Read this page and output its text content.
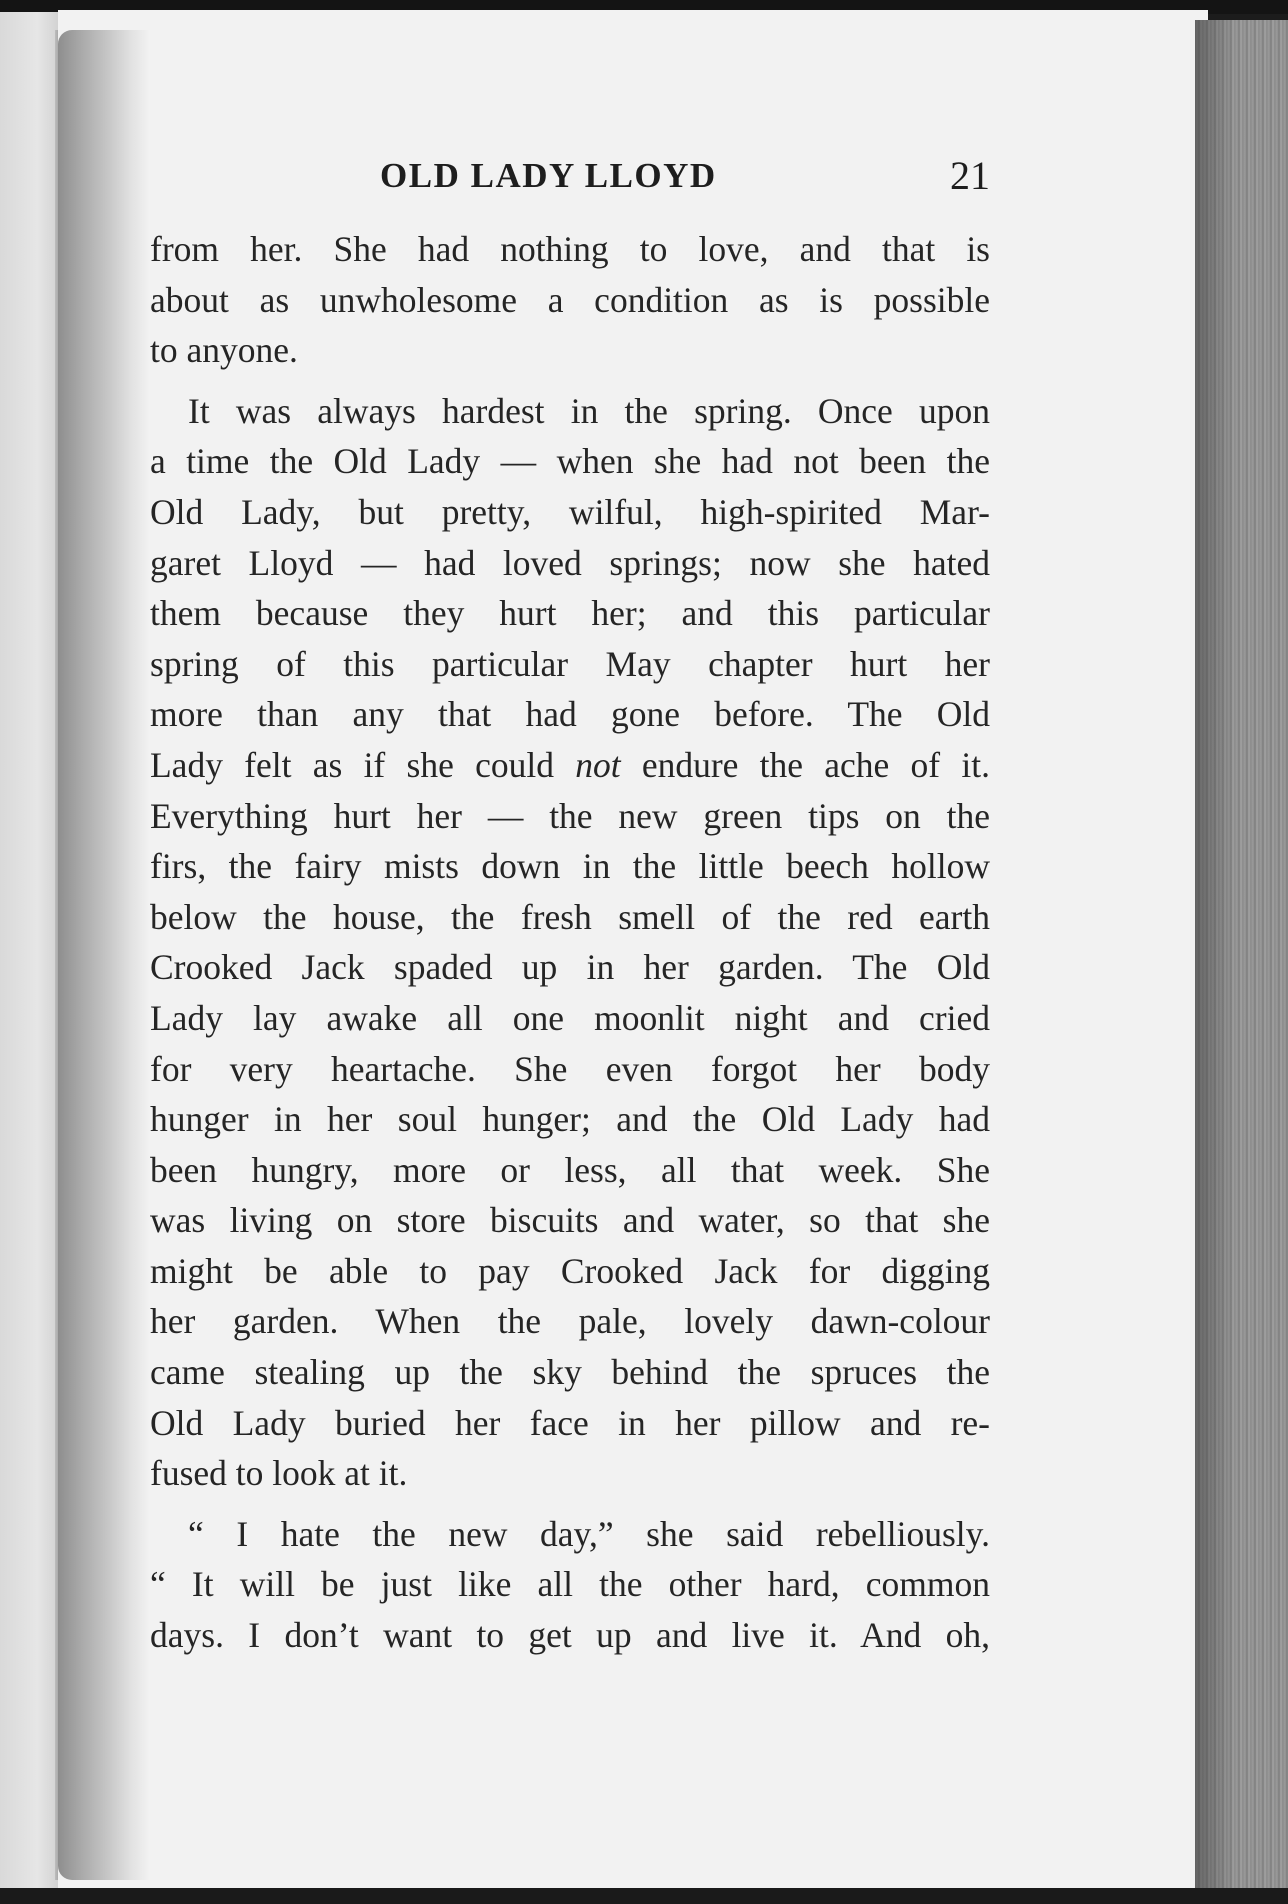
OLD LADY LLOYD	21

from her. She had nothing to love, and that is
about as unwholesome a condition as is possible
to anyone.

It was always hardest in the spring. Once upon
a time the Old Lady — when she had not been the
Old Lady, but pretty, wilful, high-spirited Mar-
garet Lloyd — had loved springs; now she hated
them because they hurt her; and this particular
spring of this particular May chapter hurt her
more than any that had gone before. The Old
Lady felt as if she could not endure the ache of it.
Everything hurt her — the new green tips on the
firs, the fairy mists down in the little beech hollow
below the house, the fresh smell of the red earth
Crooked Jack spaded up in her garden. The Old
Lady lay awake all one moonlit night and cried
for very heartache. She even forgot her body
hunger in her soul hunger; and the Old Lady had
been hungry, more or less, all that week. She
was living on store biscuits and water, so that she
might be able to pay Crooked Jack for digging
her garden. When the pale, lovely dawn-colour
came stealing up the sky behind the spruces the
Old Lady buried her face in her pillow and re-
fused to look at it.

“ I hate the new day,” she said rebelliously.
“ It will be just like all the other hard, common
days. I don’t want to get up and live it. And oh,
